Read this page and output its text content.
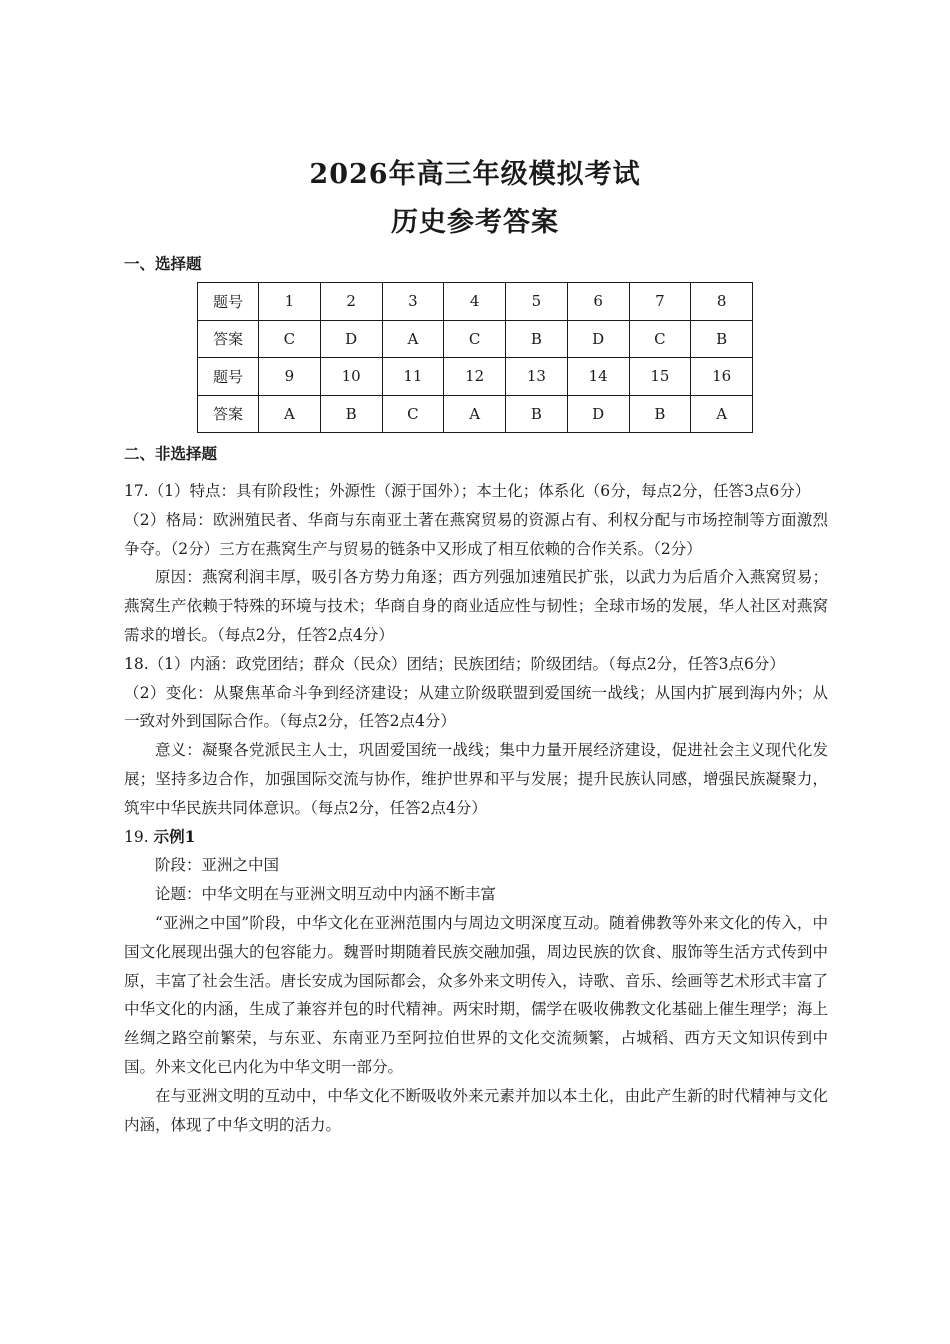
2026年高三年级模拟考试
历史参考答案
一、选择题
题号	1	2	3	4	5	6	7	8
答案	C	D	A	C	B	D	C	B
题号	9	10	11	12	13	14	15	16
答案	A	B	C	A	B	D	B	A
二、非选择题

17.（1）特点：具有阶段性；外源性（源于国外）；本土化；体系化（6分，每点2分，任答3点6分）

（2）格局：欧洲殖民者、华商与东南亚土著在燕窝贸易的资源占有、利权分配与市场控制等方面激烈争夺。（2分）三方在燕窝生产与贸易的链条中又形成了相互依赖的合作关系。（2分）

原因：燕窝利润丰厚，吸引各方势力角逐；西方列强加速殖民扩张，以武力为后盾介入燕窝贸易；燕窝生产依赖于特殊的环境与技术；华商自身的商业适应性与韧性；全球市场的发展，华人社区对燕窝需求的增长。（每点2分，任答2点4分）

18.（1）内涵：政党团结；群众（民众）团结；民族团结；阶级团结。（每点2分，任答3点6分）

（2）变化：从聚焦革命斗争到经济建设；从建立阶级联盟到爱国统一战线；从国内扩展到海内外；从一致对外到国际合作。（每点2分，任答2点4分）

意义：凝聚各党派民主人士，巩固爱国统一战线；集中力量开展经济建设，促进社会主义现代化发展；坚持多边合作，加强国际交流与协作，维护世界和平与发展；提升民族认同感，增强民族凝聚力，筑牢中华民族共同体意识。（每点2分，任答2点4分）

19. 示例1

阶段：亚洲之中国

论题：中华文明在与亚洲文明互动中内涵不断丰富

“亚洲之中国”阶段，中华文化在亚洲范围内与周边文明深度互动。随着佛教等外来文化的传入，中国文化展现出强大的包容能力。魏晋时期随着民族交融加强，周边民族的饮食、服饰等生活方式传到中原，丰富了社会生活。唐长安成为国际都会，众多外来文明传入，诗歌、音乐、绘画等艺术形式丰富了中华文化的内涵，生成了兼容并包的时代精神。两宋时期，儒学在吸收佛教文化基础上催生理学；海上丝绸之路空前繁荣，与东亚、东南亚乃至阿拉伯世界的文化交流频繁，占城稻、西方天文知识传到中国。外来文化已内化为中华文明一部分。

在与亚洲文明的互动中，中华文化不断吸收外来元素并加以本土化，由此产生新的时代精神与文化内涵，体现了中华文明的活力。
